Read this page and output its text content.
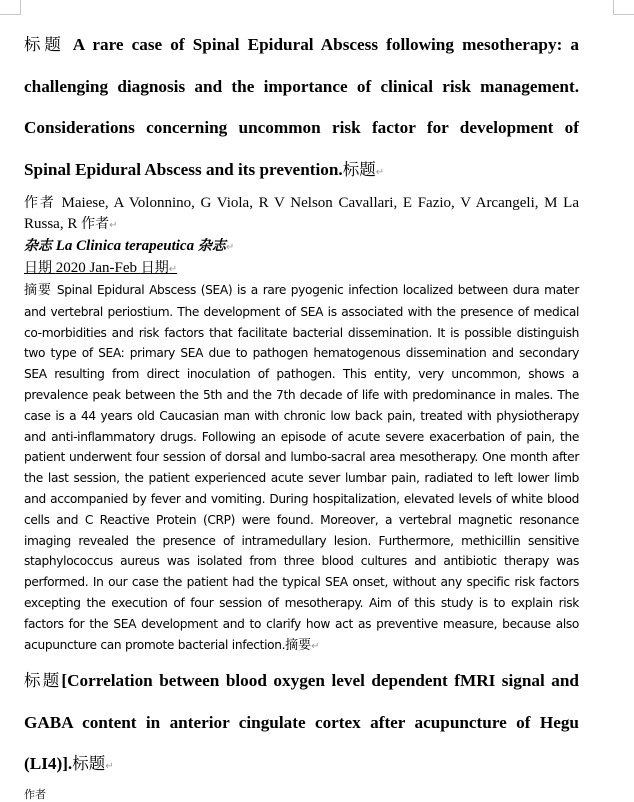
标题 A rare case of Spinal Epidural Abscess following mesotherapy: a challenging diagnosis and the importance of clinical risk management. Considerations concerning uncommon risk factor for development of Spinal Epidural Abscess and its prevention.标题↵

作者 Maiese, A Volonnino, G Viola, R V Nelson Cavallari, E Fazio, V Arcangeli, M La Russa, R 作者↵

杂志 La Clinica terapeutica 杂志↵

日期 2020 Jan-Feb 日期↵

摘要 Spinal Epidural Abscess (SEA) is a rare pyogenic infection localized between dura mater and vertebral periostium. The development of SEA is associated with the presence of medical co-morbidities and risk factors that facilitate bacterial dissemination. It is possible distinguish two type of SEA: primary SEA due to pathogen hematogenous dissemination and secondary SEA resulting from direct inoculation of pathogen. This entity, very uncommon, shows a prevalence peak between the 5th and the 7th decade of life with predominance in males. The case is a 44 years old Caucasian man with chronic low back pain, treated with physiotherapy and anti-inflammatory drugs. Following an episode of acute severe exacerbation of pain, the patient underwent four session of dorsal and lumbo-sacral area mesotherapy. One month after the last session, the patient experienced acute sever lumbar pain, radiated to left lower limb and accompanied by fever and vomiting. During hospitalization, elevated levels of white blood cells and C Reactive Protein (CRP) were found. Moreover, a vertebral magnetic resonance imaging revealed the presence of intramedullary lesion. Furthermore, methicillin sensitive staphylococcus aureus was isolated from three blood cultures and antibiotic therapy was performed. In our case the patient had the typical SEA onset, without any specific risk factors excepting the execution of four session of mesotherapy. Aim of this study is to explain risk factors for the SEA development and to clarify how act as preventive measure, because also acupuncture can promote bacterial infection.摘要↵

标题[Correlation between blood oxygen level dependent fMRI signal and GABA content in anterior cingulate cortex after acupuncture of Hegu (LI4)].标题↵

作者
